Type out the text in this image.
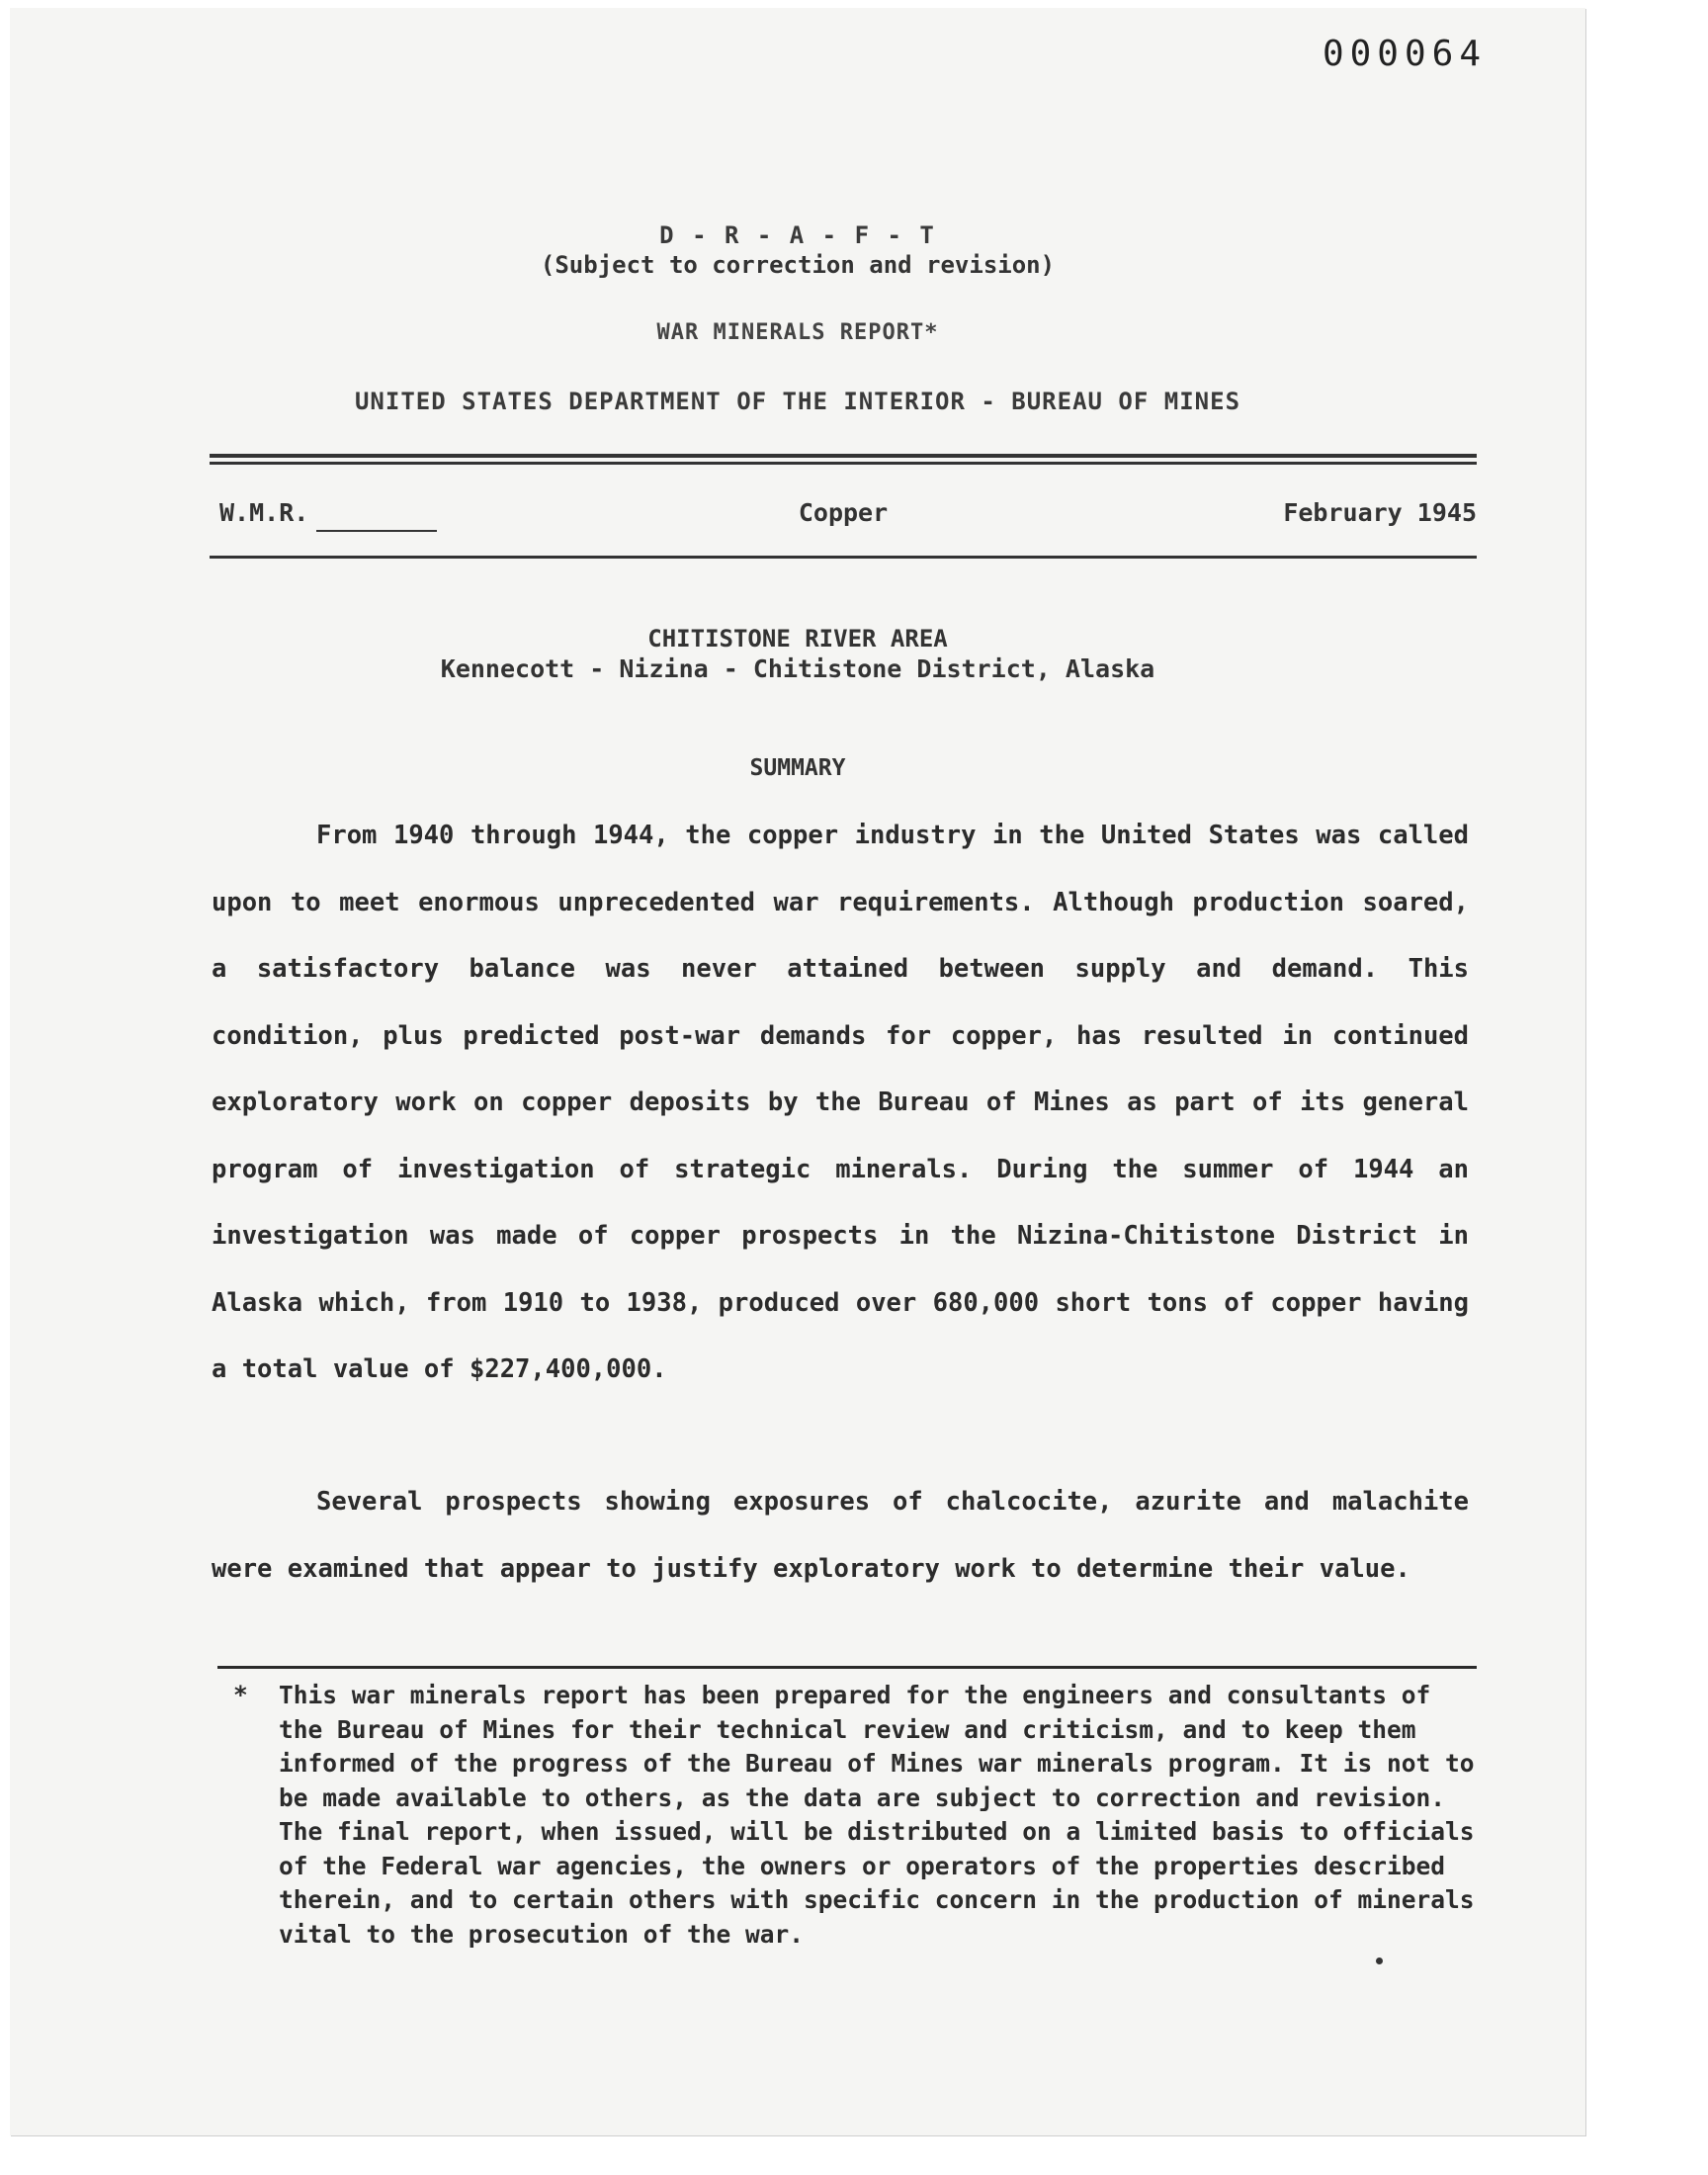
000064
D - R - A - F - T
(Subject to correction and revision)
WAR MINERALS REPORT*
UNITED STATES DEPARTMENT OF THE INTERIOR - BUREAU OF MINES
W.M.R.	Copper	February 1945
CHITISTONE RIVER AREA
Kennecott - Nizina - Chitistone District, Alaska
SUMMARY

From 1940 through 1944, the copper industry in the United States was called upon to meet enormous unprecedented war requirements. Although production soared, a satisfactory balance was never attained between supply and demand. This condition, plus predicted post-war demands for copper, has resulted in continued exploratory work on copper deposits by the Bureau of Mines as part of its general program of investigation of strategic minerals. During the summer of 1944 an investigation was made of copper prospects in the Nizina-Chitistone District in Alaska which, from 1910 to 1938, produced over 680,000 short tons of copper having a total value of $227,400,000.

Several prospects showing exposures of chalcocite, azurite and malachite were examined that appear to justify exploratory work to determine their value.

* This war minerals report has been prepared for the engineers and consultants of the Bureau of Mines for their technical review and criticism, and to keep them informed of the progress of the Bureau of Mines war minerals program. It is not to be made available to others, as the data are subject to correction and revision. The final report, when issued, will be distributed on a limited basis to officials of the Federal war agencies, the owners or operators of the properties described therein, and to certain others with specific concern in the production of minerals vital to the prosecution of the war.
